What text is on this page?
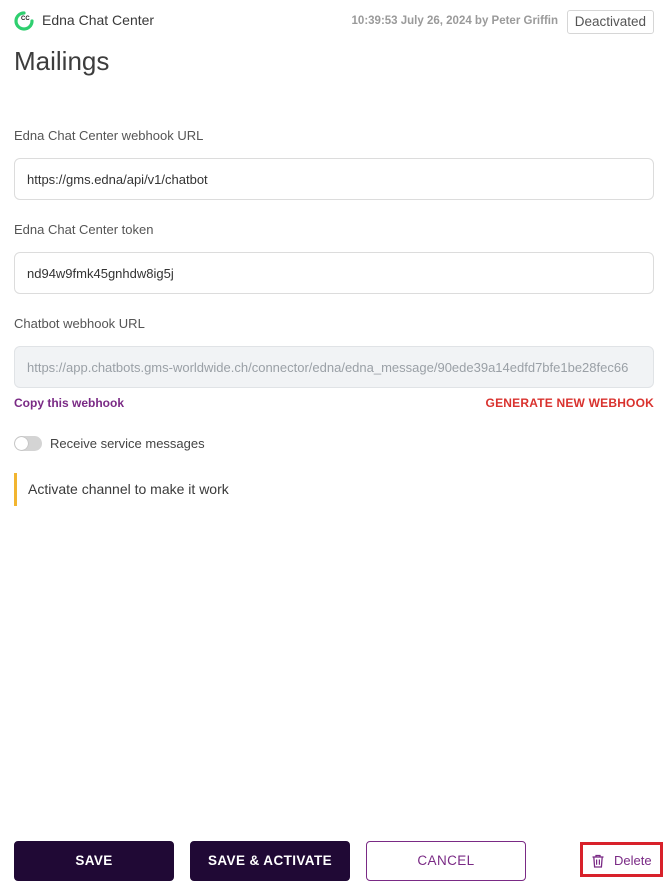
CC Edna Chat Center	10:39:53 July 26, 2024 by Peter Griffin	Deactivated
Mailings
Edna Chat Center webhook URL
https://gms.edna/api/v1/chatbot
Edna Chat Center token
nd94w9fmk45gnhdw8ig5j
Chatbot webhook URL
https://app.chatbots.gms-worldwide.ch/connector/edna/edna_message/90ede39a14edfd7bfe1be28fec66
Copy this webhook	GENERATE NEW WEBHOOK
Receive service messages
Activate channel to make it work
SAVE	SAVE & ACTIVATE	CANCEL	Delete
